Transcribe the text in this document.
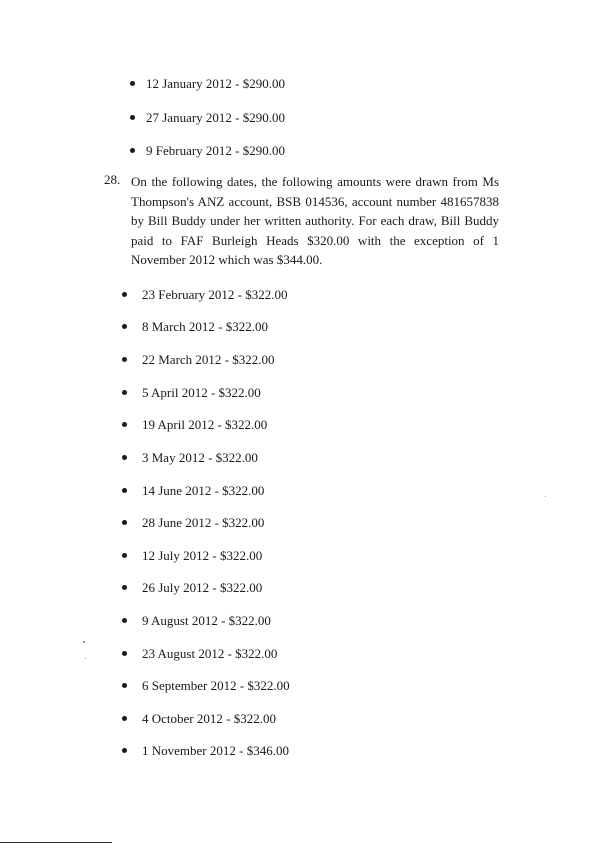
12 January 2012 - $290.00
27 January 2012 - $290.00
9 February 2012 - $290.00
28. On the following dates, the following amounts were drawn from Ms Thompson's ANZ account, BSB 014536, account number 481657838 by Bill Buddy under her written authority. For each draw, Bill Buddy paid to FAF Burleigh Heads $320.00 with the exception of 1 November 2012 which was $344.00.

23 February 2012 - $322.00
8 March 2012 - $322.00
22 March 2012 - $322.00
5 April 2012 - $322.00
19 April 2012 - $322.00
3 May 2012 - $322.00
14 June 2012 - $322.00
28 June 2012 - $322.00
12 July 2012 - $322.00
26 July 2012 - $322.00
9 August 2012 - $322.00
23 August 2012 - $322.00
6 September 2012 - $322.00
4 October 2012 - $322.00
1 November 2012 - $346.00
